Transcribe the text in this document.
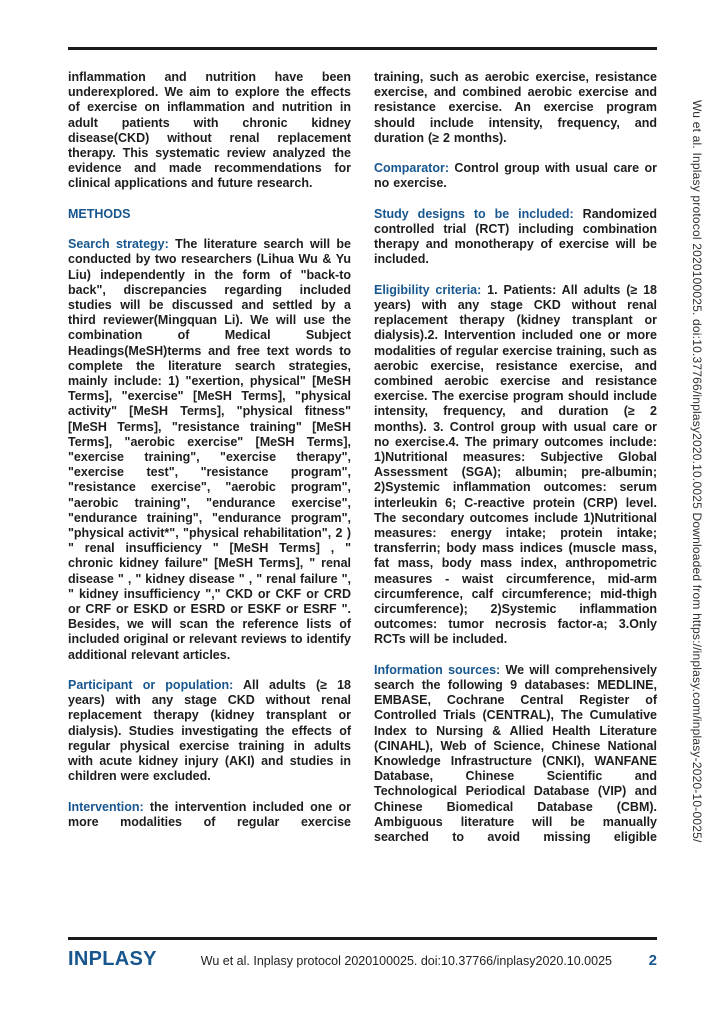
inflammation and nutrition have been underexplored. We aim to explore the effects of exercise on inflammation and nutrition in adult patients with chronic kidney disease(CKD) without renal replacement therapy. This systematic review analyzed the evidence and made recommendations for clinical applications and future research.

METHODS

Search strategy: The literature search will be conducted by two researchers (Lihua Wu & Yu Liu) independently in the form of "back-to back", discrepancies regarding included studies will be discussed and settled by a third reviewer(Mingquan Li). We will use the combination of Medical Subject Headings(MeSH)terms and free text words to complete the literature search strategies, mainly include: 1) "exertion, physical" [MeSH Terms], "exercise" [MeSH Terms], "physical activity" [MeSH Terms], "physical fitness" [MeSH Terms], "resistance training" [MeSH Terms], "aerobic exercise" [MeSH Terms], "exercise training", "exercise therapy", "exercise test", "resistance program", "resistance exercise", "aerobic program", "aerobic training", "endurance exercise", "endurance training", "endurance program", "physical activit*", "physical rehabilitation", 2 ) " renal insufficiency " [MeSH Terms] , " chronic kidney failure" [MeSH Terms], " renal disease " , " kidney disease " , " renal failure ", " kidney insufficiency "," CKD or CKF or CRD or CRF or ESKD or ESRD or ESKF or ESRF ". Besides, we will scan the reference lists of included original or relevant reviews to identify additional relevant articles.

Participant or population: All adults (≥ 18 years) with any stage CKD without renal replacement therapy (kidney transplant or dialysis). Studies investigating the effects of regular physical exercise training in adults with acute kidney injury (AKI) and studies in children were excluded.

Intervention: the intervention included one or more modalities of regular exercise

training, such as aerobic exercise, resistance exercise, and combined aerobic exercise and resistance exercise. An exercise program should include intensity, frequency, and duration (≥ 2 months).

Comparator: Control group with usual care or no exercise.

Study designs to be included: Randomized controlled trial (RCT) including combination therapy and monotherapy of exercise will be included.

Eligibility criteria: 1. Patients: All adults (≥ 18 years) with any stage CKD without renal replacement therapy (kidney transplant or dialysis).2. Intervention included one or more modalities of regular exercise training, such as aerobic exercise, resistance exercise, and combined aerobic exercise and resistance exercise. The exercise program should include intensity, frequency, and duration (≥ 2 months). 3. Control group with usual care or no exercise.4. The primary outcomes include: 1)Nutritional measures: Subjective Global Assessment (SGA); albumin; pre-albumin; 2)Systemic inflammation outcomes: serum interleukin 6; C-reactive protein (CRP) level. The secondary outcomes include 1)Nutritional measures: energy intake; protein intake; transferrin; body mass indices (muscle mass, fat mass, body mass index, anthropometric measures - waist circumference, mid-arm circumference, calf circumference; mid-thigh circumference); 2)Systemic inflammation outcomes: tumor necrosis factor-a; 3.Only RCTs will be included.

Information sources: We will comprehensively search the following 9 databases: MEDLINE, EMBASE, Cochrane Central Register of Controlled Trials (CENTRAL), The Cumulative Index to Nursing & Allied Health Literature (CINAHL), Web of Science, Chinese National Knowledge Infrastructure (CNKI), WANFANE Database, Chinese Scientific and Technological Periodical Database (VIP) and Chinese Biomedical Database (CBM). Ambiguous literature will be manually searched to avoid missing eligible	Wu et al. Inplasy protocol 2020100025. doi:10.37766/inplasy2020.10.0025 Downloaded from https://inplasy.com/inplasy-2020-10-0025/
INPLASY	Wu et al. Inplasy protocol 2020100025. doi:10.37766/inplasy2020.10.0025 2
